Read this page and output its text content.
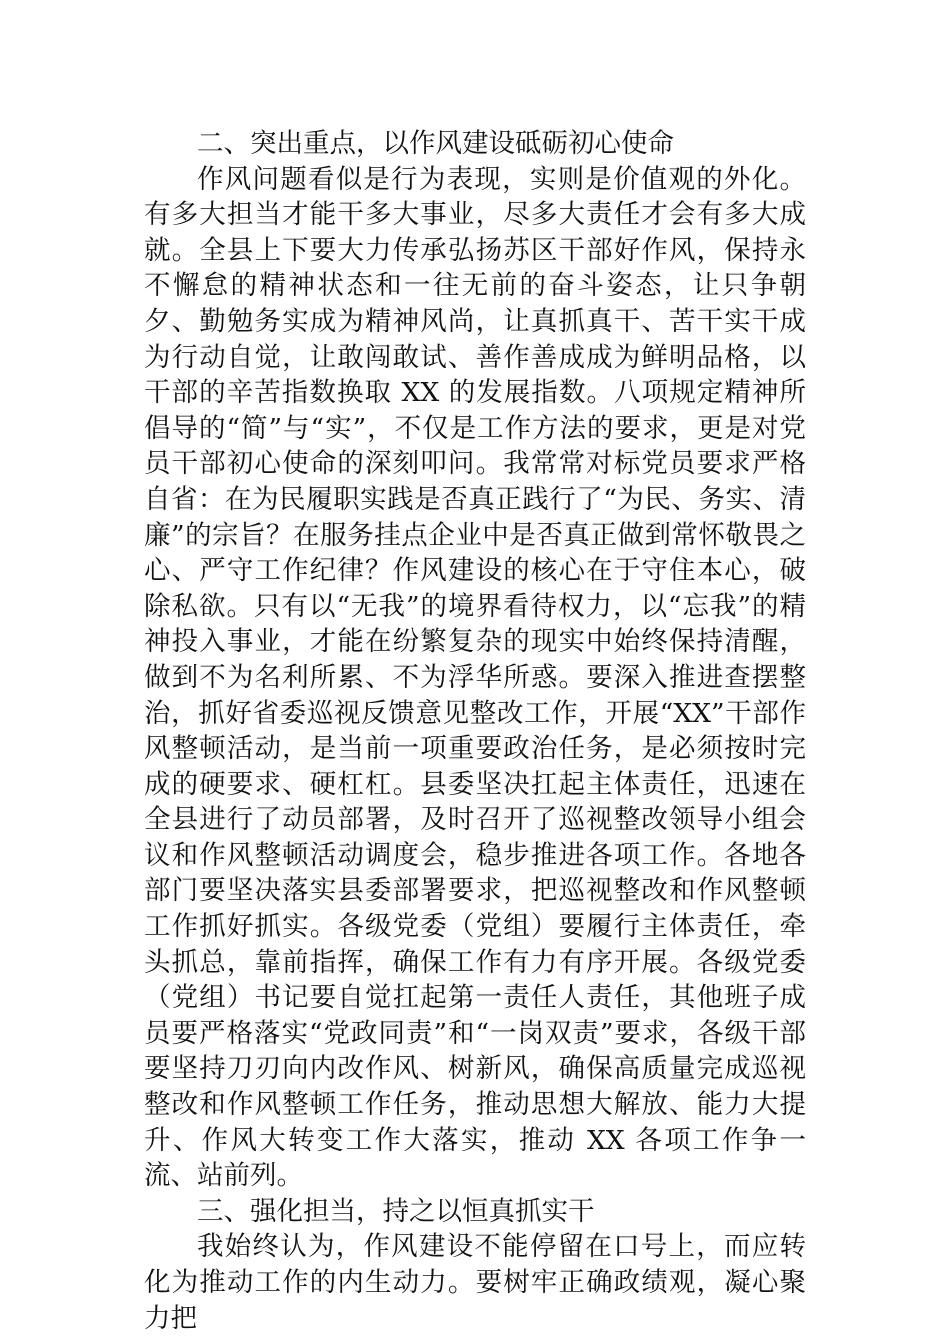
二、突出重点，以作风建设砥砺初心使命

作风问题看似是行为表现，实则是价值观的外化。有多大担当才能干多大事业，尽多大责任才会有多大成就。全县上下要大力传承弘扬苏区干部好作风，保持永不懈怠的精神状态和一往无前的奋斗姿态，让只争朝夕、勤勉务实成为精神风尚，让真抓真干、苦干实干成为行动自觉，让敢闯敢试、善作善成成为鲜明品格，以干部的辛苦指数换取 XX 的发展指数。八项规定精神所倡导的“简”与“实”，不仅是工作方法的要求，更是对党员干部初心使命的深刻叩问。我常常对标党员要求严格自省：在为民履职实践是否真正践行了“为民、务实、清廉”的宗旨？在服务挂点企业中是否真正做到常怀敬畏之心、严守工作纪律？作风建设的核心在于守住本心，破除私欲。只有以“无我”的境界看待权力，以“忘我”的精神投入事业，才能在纷繁复杂的现实中始终保持清醒，做到不为名利所累、不为浮华所惑。要深入推进查摆整治，抓好省委巡视反馈意见整改工作，开展“XX”干部作风整顿活动，是当前一项重要政治任务，是必须按时完成的硬要求、硬杠杠。县委坚决扛起主体责任，迅速在全县进行了动员部署，及时召开了巡视整改领导小组会议和作风整顿活动调度会，稳步推进各项工作。各地各部门要坚决落实县委部署要求，把巡视整改和作风整顿工作抓好抓实。各级党委（党组）要履行主体责任，牵头抓总，靠前指挥，确保工作有力有序开展。各级党委（党组）书记要自觉扛起第一责任人责任，其他班子成员要严格落实“党政同责”和“一岗双责”要求，各级干部要坚持刀刃向内改作风、树新风，确保高质量完成巡视整改和作风整顿工作任务，推动思想大解放、能力大提升、作风大转变工作大落实，推动 XX 各项工作争一流、站前列。

三、强化担当，持之以恒真抓实干

我始终认为，作风建设不能停留在口号上，而应转化为推动工作的内生动力。要树牢正确政绩观，凝心聚力把
